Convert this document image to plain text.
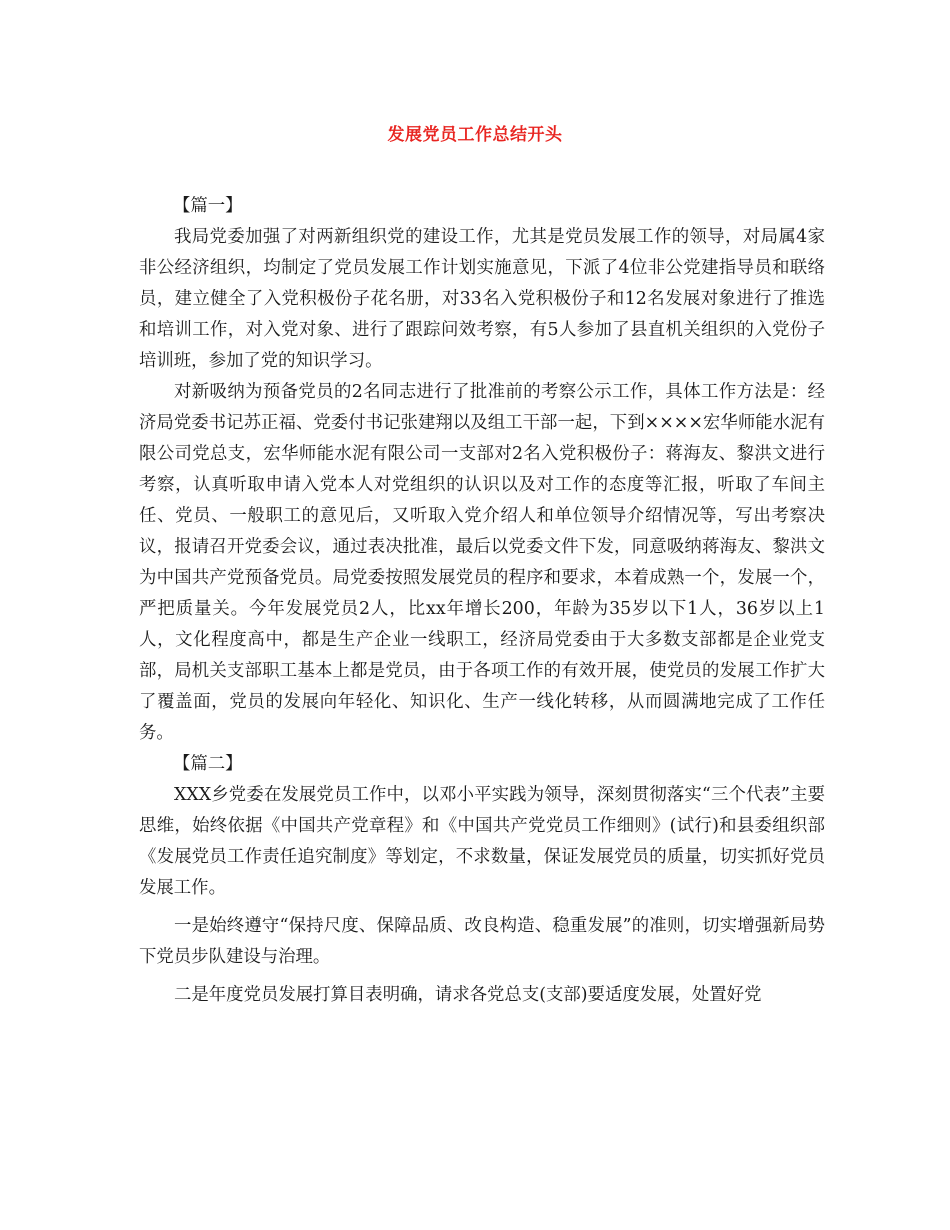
发展党员工作总结开头

【篇一】

我局党委加强了对两新组织党的建设工作，尤其是党员发展工作的领导，对局属4家非公经济组织，均制定了党员发展工作计划实施意见，下派了4位非公党建指导员和联络员，建立健全了入党积极份子花名册，对33名入党积极份子和12名发展对象进行了推选和培训工作，对入党对象、进行了跟踪问效考察，有5人参加了县直机关组织的入党份子培训班，参加了党的知识学习。

对新吸纳为预备党员的2名同志进行了批准前的考察公示工作，具体工作方法是：经济局党委书记苏正福、党委付书记张建翔以及组工干部一起，下到××××宏华师能水泥有限公司党总支，宏华师能水泥有限公司一支部对2名入党积极份子：蒋海友、黎洪文进行考察，认真听取申请入党本人对党组织的认识以及对工作的态度等汇报，听取了车间主任、党员、一般职工的意见后，又听取入党介绍人和单位领导介绍情况等，写出考察决议，报请召开党委会议，通过表决批准，最后以党委文件下发，同意吸纳蒋海友、黎洪文为中国共产党预备党员。局党委按照发展党员的程序和要求，本着成熟一个，发展一个，严把质量关。今年发展党员2人，比xx年增长200，年龄为35岁以下1人，36岁以上1人，文化程度高中，都是生产企业一线职工，经济局党委由于大多数支部都是企业党支部，局机关支部职工基本上都是党员，由于各项工作的有效开展，使党员的发展工作扩大了覆盖面，党员的发展向年轻化、知识化、生产一线化转移，从而圆满地完成了工作任务。

【篇二】

XXX乡党委在发展党员工作中，以邓小平实践为领导，深刻贯彻落实“三个代表”主要思维，始终依据《中国共产党章程》和《中国共产党党员工作细则》(试行)和县委组织部《发展党员工作责任追究制度》等划定，不求数量，保证发展党员的质量，切实抓好党员发展工作。

一是始终遵守“保持尺度、保障品质、改良构造、稳重发展”的准则，切实增强新局势下党员步队建设与治理。

二是年度党员发展打算目表明确，请求各党总支(支部)要适度发展，处置好党
